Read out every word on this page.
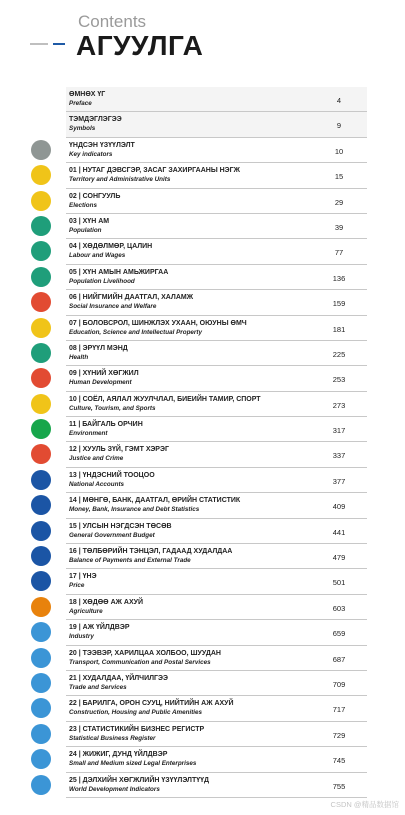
Contents
АГУУЛГА
ӨМНӨХ ҮГ
Preface	4
ТЭМДЭГЛЭГЭЭ
Symbols	9
ҮНДСЭН ҮЗҮҮЛЭЛТ
Key indicators	10
01 | НУТАГ ДЭВСГЭР, ЗАСАГ ЗАХИРГААНЫ НЭГЖ
Territory and Administrative Units	15
02 | СОНГУУЛЬ
Elections	29
03 | ХҮН АМ
Population	39
04 | ХӨДӨЛМӨР, ЦАЛИН
Labour and Wages	77
05 | ХҮН АМЫН АМЬЖИРГАА
Population Livelihood	136
06 | НИЙГМИЙН ДААТГАЛ, ХАЛАМЖ
Social Insurance and Welfare	159
07 | БОЛОВСРОЛ, ШИНЖЛЭХ УХААН, ОЮУНЫ ӨМЧ
Education, Science and Intellectual Property	181
08 | ЭРҮҮЛ МЭНД
Health	225
09 | ХҮНИЙ ХӨГЖИЛ
Human Development	253
10 | СОЁЛ, АЯЛАЛ ЖУУЛЧЛАЛ, БИЕИЙН ТАМИР, СПОРТ
Culture, Tourism, and Sports	273
11 | БАЙГАЛЬ ОРЧИН
Environment	317
12 | ХУУЛЬ ЗҮЙ, ГЭМТ ХЭРЭГ
Justice and Crime	337
13 | ҮНДЭСНИЙ ТООЦОО
National Accounts	377
14 | МӨНГӨ, БАНК, ДААТГАЛ, ӨРИЙН СТАТИСТИК
Money, Bank, Insurance and Debt Statistics	409
15 | УЛСЫН НЭГДСЭН ТӨСӨВ
General Government Budget	441
16 | ТӨЛБӨРИЙН ТЭНЦЭЛ, ГАДААД ХУДАЛДАА
Balance of Payments and External Trade	479
17 | ҮНЭ
Price	501
18 | ХӨДӨӨ АЖ АХУЙ
Agriculture	603
19 | АЖ ҮЙЛДВЭР
Industry	659
20 | ТЭЭВЭР, ХАРИЛЦАА ХОЛБОО, ШУУДАН
Transport, Communication and Postal Services	687
21 | ХУДАЛДАА, ҮЙЛЧИЛГЭЭ
Trade and Services	709
22 | БАРИЛГА, ОРОН СУУЦ, НИЙТИЙН АЖ АХУЙ
Construction, Housing and Public Amenities	717
23 | СТАТИСТИКИЙН БИЗНЕС РЕГИСТР
Statistical Business Register	729
24 | ЖИЖИГ, ДУНД ҮЙЛДВЭР
Small and Medium sized Legal Enterprises	745
25 | ДЭЛХИЙН ХӨГЖЛИЙН ҮЗҮҮЛЭЛТҮҮД
World Development Indicators	755
CSDN @精品数据馆
